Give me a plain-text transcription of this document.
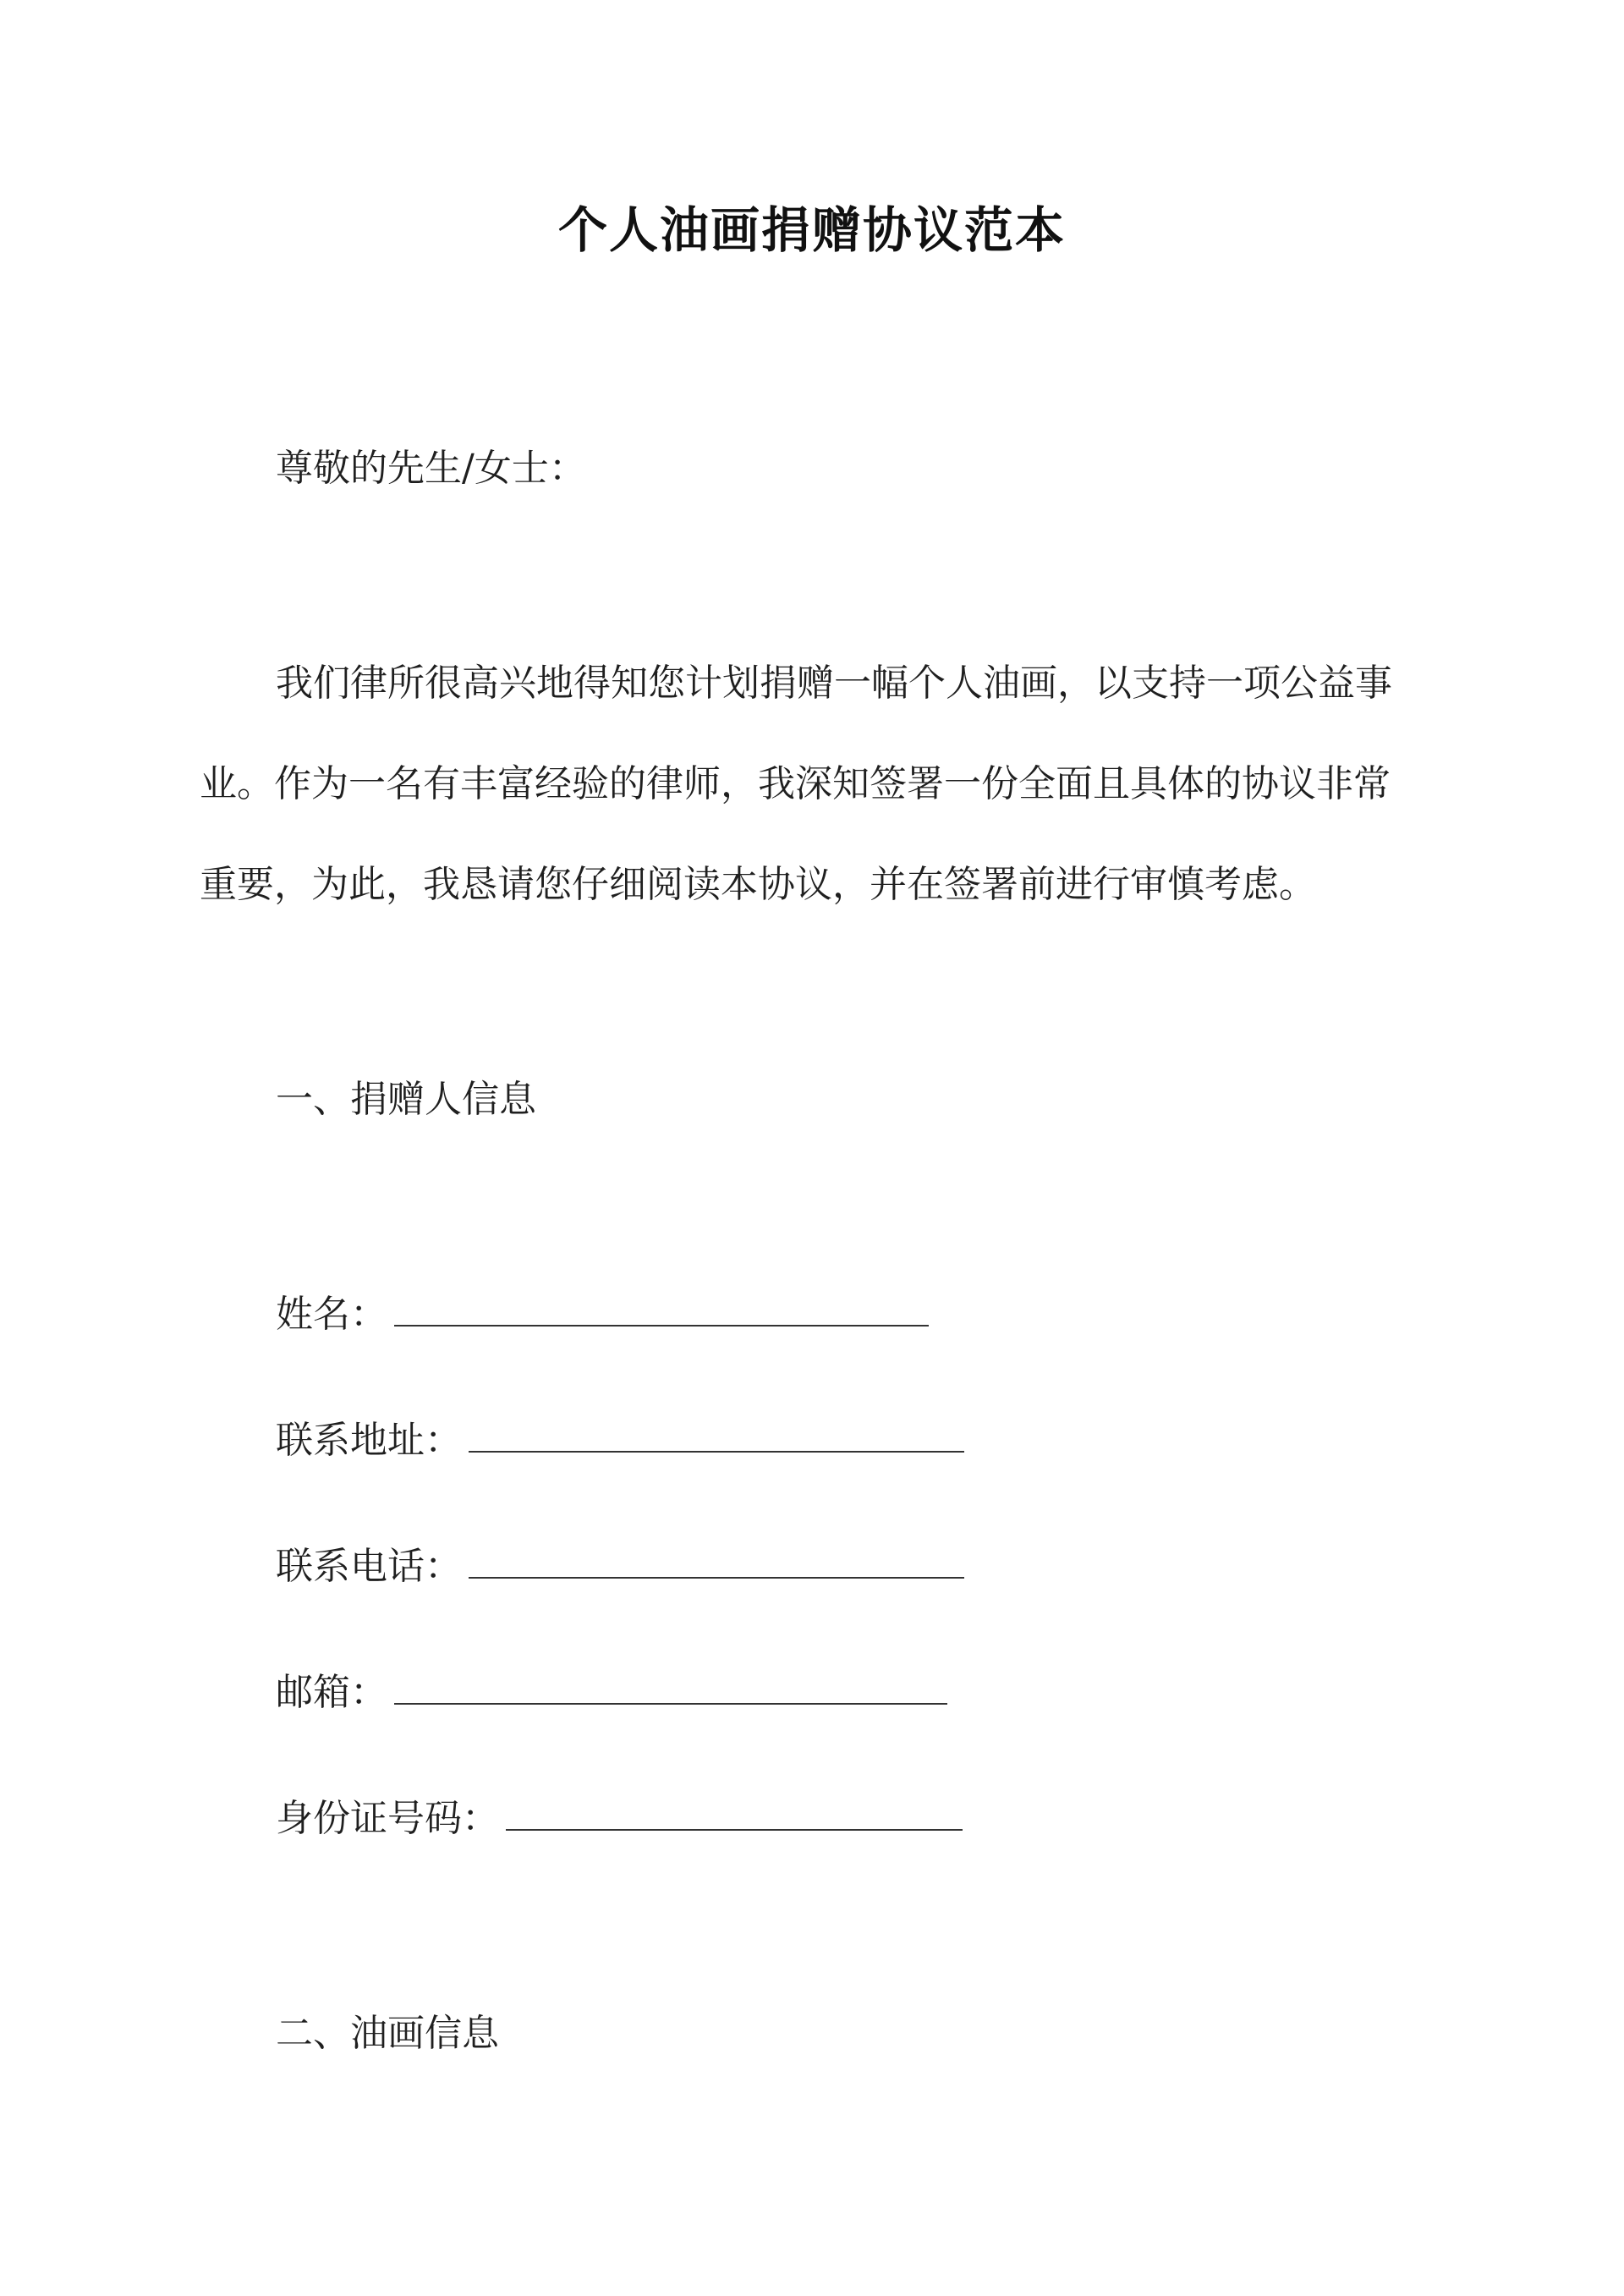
个人油画捐赠协议范本
尊敬的先生/女士：
我们律所很高兴地得知您计划捐赠一幅个人油画，以支持一项公益事
业。作为一名有丰富经验的律师，我深知签署一份全面且具体的协议非常
重要，为此，我恳请您仔细阅读本协议，并在签署前进行审慎考虑。
一、捐赠人信息
姓名：
联系地址：
联系电话：
邮箱：
身份证号码：
二、油画信息
